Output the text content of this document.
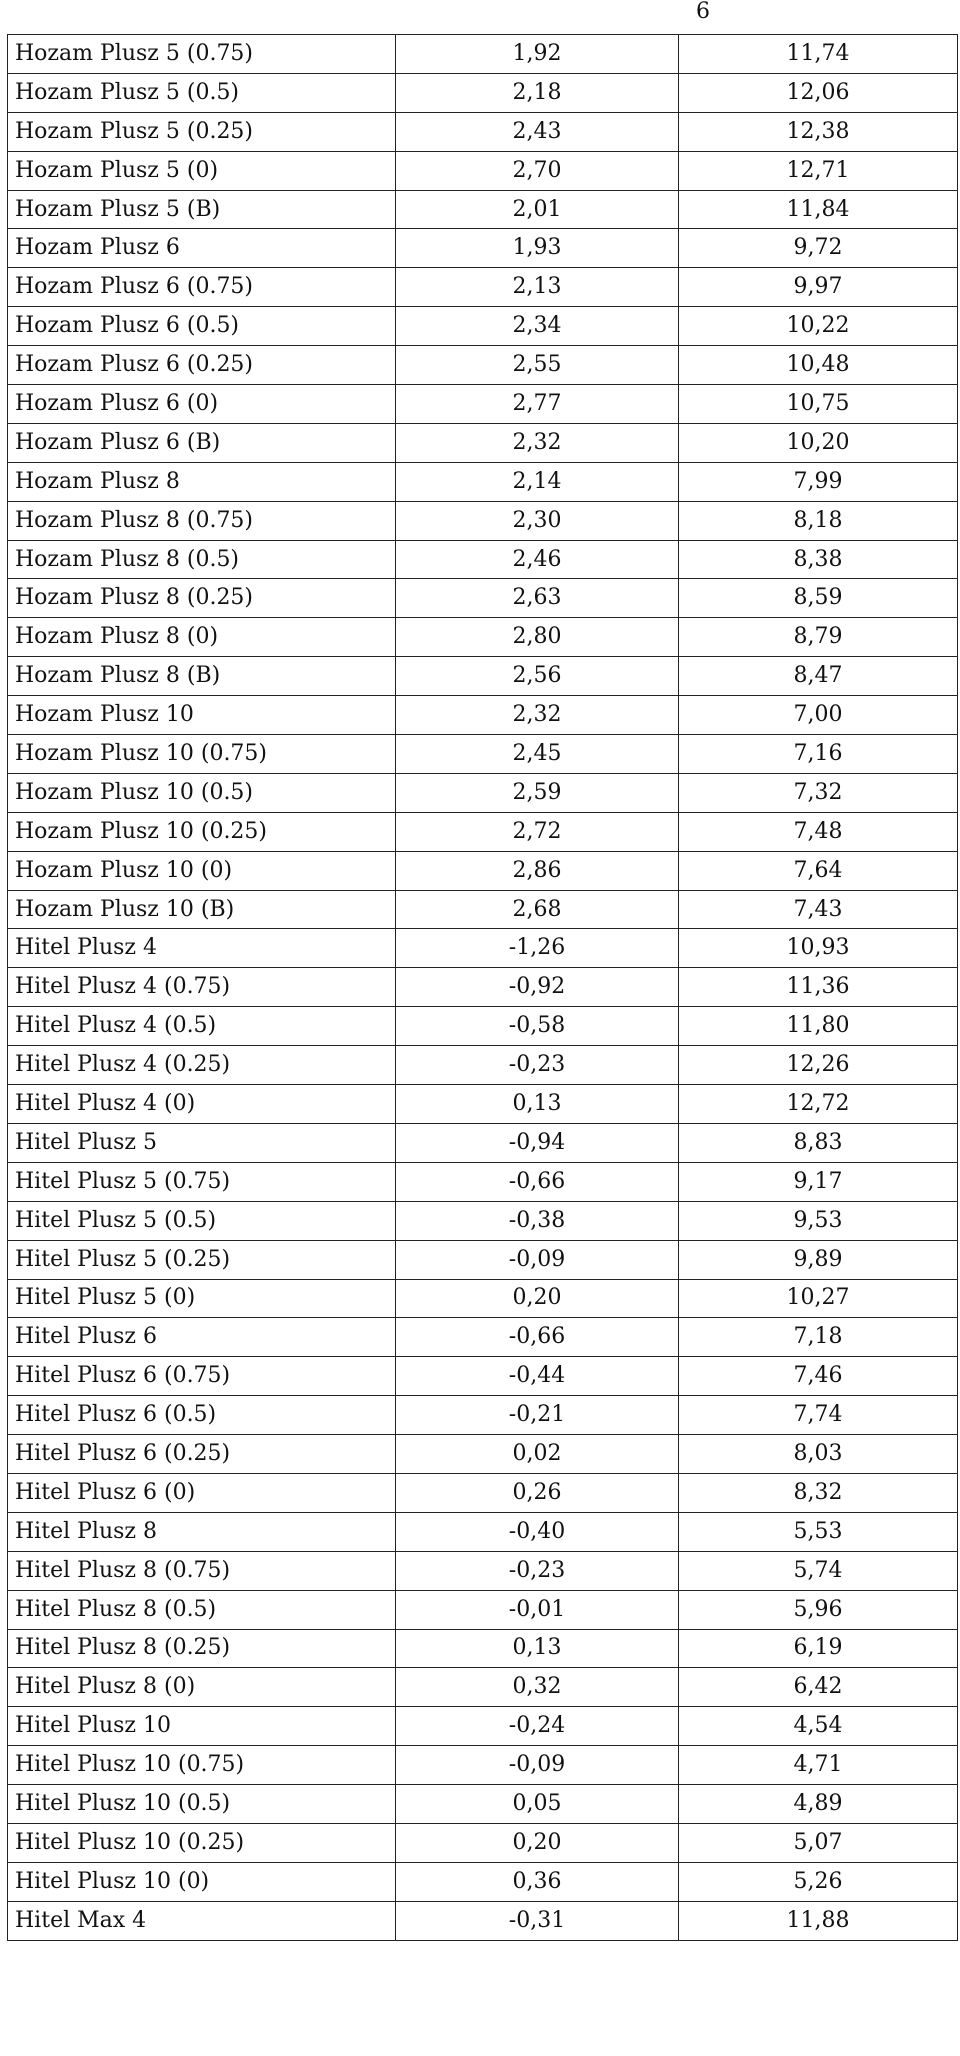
6
Hozam Plusz 5 (0.75)	1,92	11,74
Hozam Plusz 5 (0.5)	2,18	12,06
Hozam Plusz 5 (0.25)	2,43	12,38
Hozam Plusz 5 (0)	2,70	12,71
Hozam Plusz 5 (B)	2,01	11,84
Hozam Plusz 6	1,93	9,72
Hozam Plusz 6 (0.75)	2,13	9,97
Hozam Plusz 6 (0.5)	2,34	10,22
Hozam Plusz 6 (0.25)	2,55	10,48
Hozam Plusz 6 (0)	2,77	10,75
Hozam Plusz 6 (B)	2,32	10,20
Hozam Plusz 8	2,14	7,99
Hozam Plusz 8 (0.75)	2,30	8,18
Hozam Plusz 8 (0.5)	2,46	8,38
Hozam Plusz 8 (0.25)	2,63	8,59
Hozam Plusz 8 (0)	2,80	8,79
Hozam Plusz 8 (B)	2,56	8,47
Hozam Plusz 10	2,32	7,00
Hozam Plusz 10 (0.75)	2,45	7,16
Hozam Plusz 10 (0.5)	2,59	7,32
Hozam Plusz 10 (0.25)	2,72	7,48
Hozam Plusz 10 (0)	2,86	7,64
Hozam Plusz 10 (B)	2,68	7,43
Hitel Plusz 4	-1,26	10,93
Hitel Plusz 4 (0.75)	-0,92	11,36
Hitel Plusz 4 (0.5)	-0,58	11,80
Hitel Plusz 4 (0.25)	-0,23	12,26
Hitel Plusz 4 (0)	0,13	12,72
Hitel Plusz 5	-0,94	8,83
Hitel Plusz 5 (0.75)	-0,66	9,17
Hitel Plusz 5 (0.5)	-0,38	9,53
Hitel Plusz 5 (0.25)	-0,09	9,89
Hitel Plusz 5 (0)	0,20	10,27
Hitel Plusz 6	-0,66	7,18
Hitel Plusz 6 (0.75)	-0,44	7,46
Hitel Plusz 6 (0.5)	-0,21	7,74
Hitel Plusz 6 (0.25)	0,02	8,03
Hitel Plusz 6 (0)	0,26	8,32
Hitel Plusz 8	-0,40	5,53
Hitel Plusz 8 (0.75)	-0,23	5,74
Hitel Plusz 8 (0.5)	-0,01	5,96
Hitel Plusz 8 (0.25)	0,13	6,19
Hitel Plusz 8 (0)	0,32	6,42
Hitel Plusz 10	-0,24	4,54
Hitel Plusz 10 (0.75)	-0,09	4,71
Hitel Plusz 10 (0.5)	0,05	4,89
Hitel Plusz 10 (0.25)	0,20	5,07
Hitel Plusz 10 (0)	0,36	5,26
Hitel Max 4	-0,31	11,88
